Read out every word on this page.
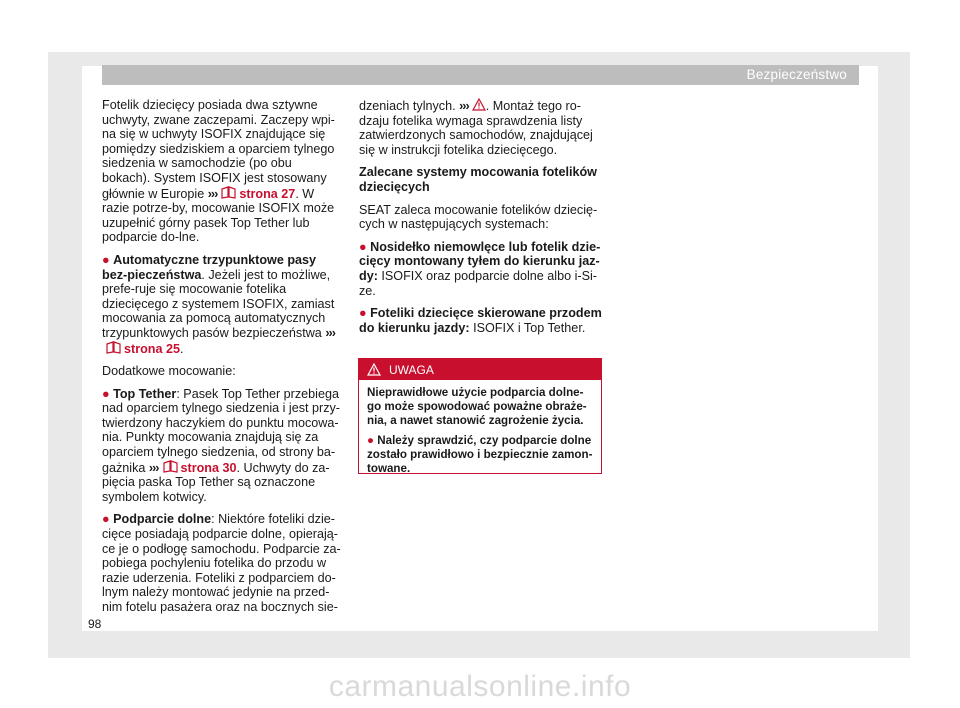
Bezpieczeństwo

Fotelik dziecięcy posiada dwa sztywne uchwyty, zwane zaczepami. Zaczepy wpi-na się w uchwyty ISOFIX znajdujące się pomiędzy siedziskiem a oparciem tylnego siedzenia w samochodzie (po obu bokach). System ISOFIX jest stosowany głównie w Europie ››› strona 27. W razie potrze-by, mocowanie ISOFIX może uzupełnić górny pasek Top Tether lub podparcie do-lne.

● Automatyczne trzypunktowe pasy bez-pieczeństwa. Jeżeli jest to możliwe, prefe-ruje się mocowanie fotelika dziecięcego z systemem ISOFIX, zamiast mocowania za pomocą automatycznych trzypunktowych pasów bezpieczeństwa ›››strona 25.

Dodatkowe mocowanie:

● Top Tether: Pasek Top Tether przebiega nad oparciem tylnego siedzenia i jest przy-twierdzony haczykiem do punktu mocowa-nia. Punkty mocowania znajdują się za oparciem tylnego siedzenia, od strony ba-gażnika ››› strona 30. Uchwyty do za-pięcia paska Top Tether są oznaczone symbolem kotwicy.

● Podparcie dolne: Niektóre foteliki dzie-cięce posiadają podparcie dolne, opierają-ce je o podłogę samochodu. Podparcie za-pobiega pochyleniu fotelika do przodu w razie uderzenia. Foteliki z podparciem do-lnym należy montować jedynie na przed-nim fotelu pasażera oraz na bocznych sie-

dzeniach tylnych. ››› . Montaż tego ro-dzaju fotelika wymaga sprawdzenia listy zatwierdzonych samochodów, znajdującej się w instrukcji fotelika dziecięcego.

Zalecane systemy mocowania fotelików dziecięcych

SEAT zaleca mocowanie fotelików dziecię-cych w następujących systemach:

● Nosidełko niemowlęce lub fotelik dzie-cięcy montowany tyłem do kierunku jaz-dy: ISOFIX oraz podparcie dolne albo i-Si-ze.

● Foteliki dziecięce skierowane przodem do kierunku jazdy: ISOFIX i Top Tether.

UWAGA

Nieprawidłowe użycie podparcia dolne-go może spowodować poważne obraże-nia, a nawet stanowić zagrożenie życia.

● Należy sprawdzić, czy podparcie dolne zostało prawidłowo i bezpiecznie zamon-towane.

98
carmanualsonline.info
